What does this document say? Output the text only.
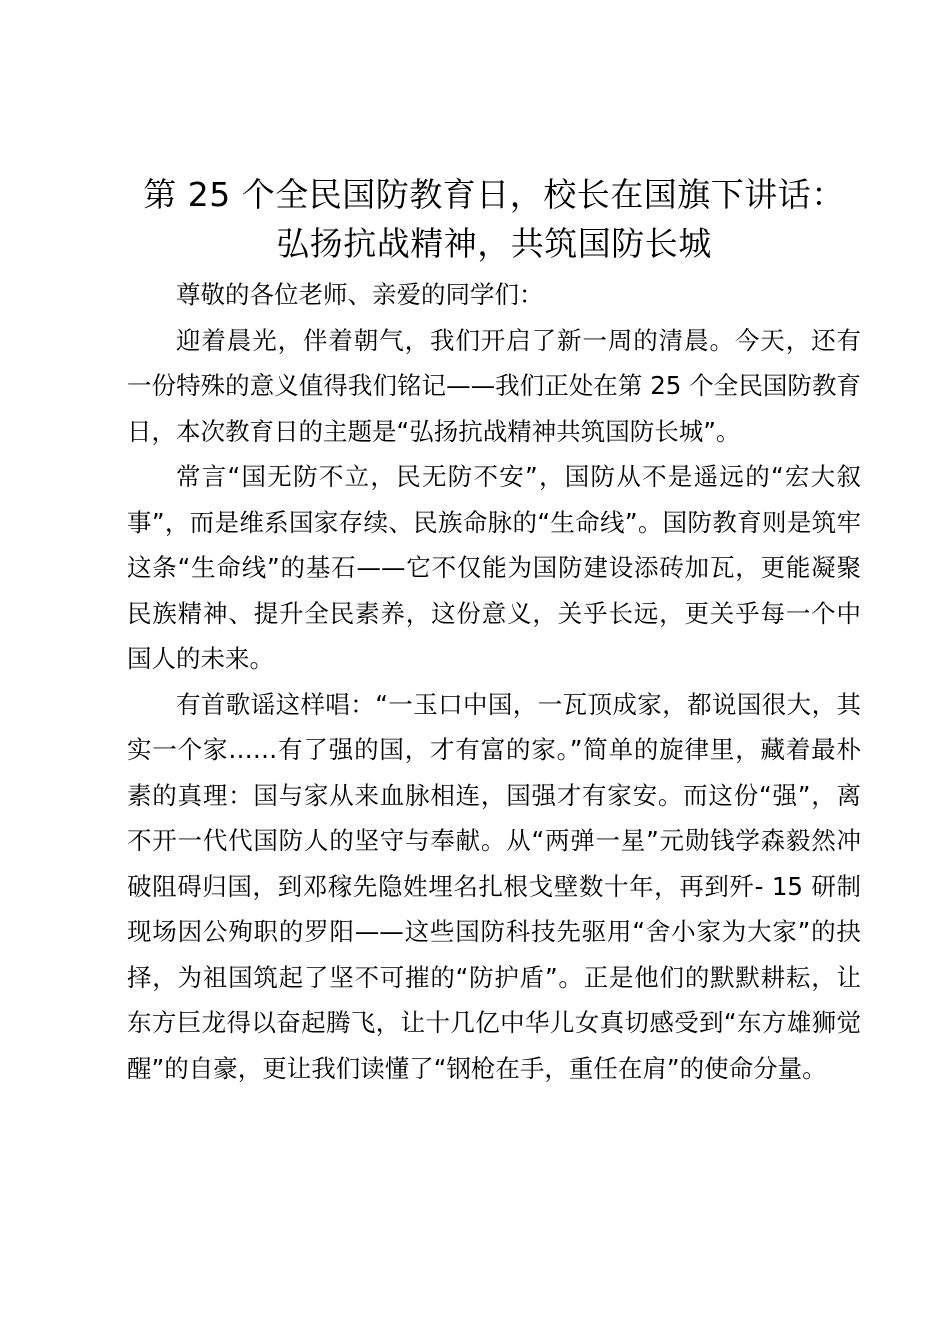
第 25 个全民国防教育日，校长在国旗下讲话：
弘扬抗战精神，共筑国防长城

尊敬的各位老师、亲爱的同学们：

迎着晨光，伴着朝气，我们开启了新一周的清晨。今天，还有一份特殊的意义值得我们铭记——我们正处在第 25 个全民国防教育日，本次教育日的主题是“弘扬抗战精神共筑国防长城”。

常言“国无防不立，民无防不安”，国防从不是遥远的“宏大叙事”，而是维系国家存续、民族命脉的“生命线”。国防教育则是筑牢这条“生命线”的基石——它不仅能为国防建设添砖加瓦，更能凝聚民族精神、提升全民素养，这份意义，关乎长远，更关乎每一个中国人的未来。

有首歌谣这样唱：“一玉口中国，一瓦顶成家，都说国很大，其实一个家……有了强的国，才有富的家。”简单的旋律里，藏着最朴素的真理：国与家从来血脉相连，国强才有家安。而这份“强”，离不开一代代国防人的坚守与奉献。从“两弹一星”元勋钱学森毅然冲破阻碍归国，到邓稼先隐姓埋名扎根戈壁数十年，再到歼- 15 研制现场因公殉职的罗阳——这些国防科技先驱用“舍小家为大家”的抉择，为祖国筑起了坚不可摧的“防护盾”。正是他们的默默耕耘，让东方巨龙得以奋起腾飞，让十几亿中华儿女真切感受到“东方雄狮觉醒”的自豪，更让我们读懂了“钢枪在手，重任在肩”的使命分量。
